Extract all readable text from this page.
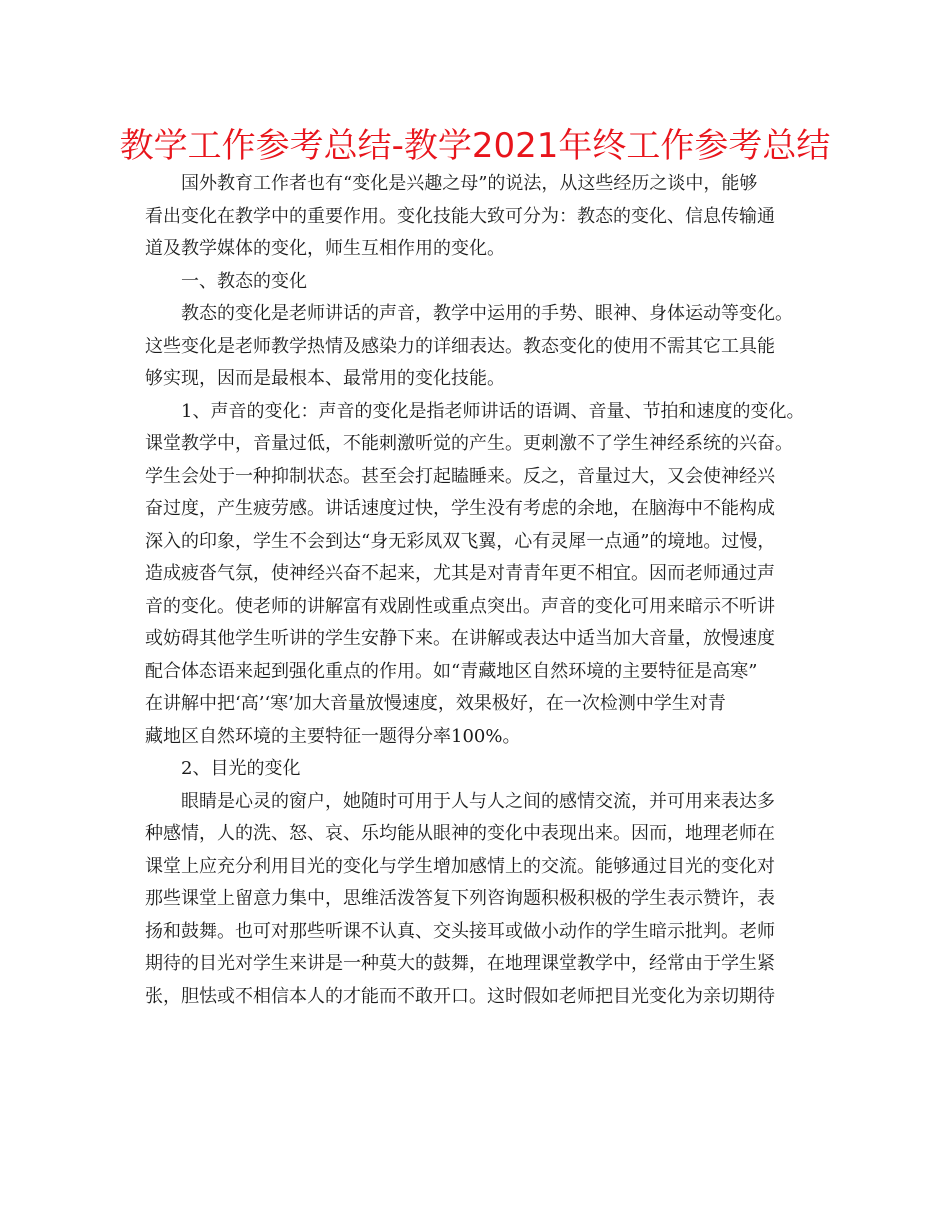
教学工作参考总结-教学2021年终工作参考总结
国外教育工作者也有“变化是兴趣之母”的说法，从这些经历之谈中，能够
看出变化在教学中的重要作用。变化技能大致可分为：教态的变化、信息传输通
道及教学媒体的变化，师生互相作用的变化。
一、教态的变化
教态的变化是老师讲话的声音，教学中运用的手势、眼神、身体运动等变化。
这些变化是老师教学热情及感染力的详细表达。教态变化的使用不需其它工具能
够实现，因而是最根本、最常用的变化技能。
1、声音的变化：声音的变化是指老师讲话的语调、音量、节拍和速度的变化。
课堂教学中，音量过低，不能刺激听觉的产生。更刺激不了学生神经系统的兴奋。
学生会处于一种抑制状态。甚至会打起瞌睡来。反之，音量过大，又会使神经兴
奋过度，产生疲劳感。讲话速度过快，学生没有考虑的余地，在脑海中不能构成
深入的印象，学生不会到达“身无彩凤双飞翼，心有灵犀一点通”的境地。过慢，
造成疲沓气氛，使神经兴奋不起来，尤其是对青青年更不相宜。因而老师通过声
音的变化。使老师的讲解富有戏剧性或重点突出。声音的变化可用来暗示不听讲
或妨碍其他学生听讲的学生安静下来。在讲解或表达中适当加大音量，放慢速度
配合体态语来起到强化重点的作用。如“青藏地区自然环境的主要特征是高寒”
在讲解中把‘高’‘寒’加大音量放慢速度，效果极好，在一次检测中学生对青
藏地区自然环境的主要特征一题得分率100%。
2、目光的变化
眼睛是心灵的窗户，她随时可用于人与人之间的感情交流，并可用来表达多
种感情，人的洗、怒、哀、乐均能从眼神的变化中表现出来。因而，地理老师在
课堂上应充分利用目光的变化与学生增加感情上的交流。能够通过目光的变化对
那些课堂上留意力集中，思维活泼答复下列咨询题积极积极的学生表示赞许，表
扬和鼓舞。也可对那些听课不认真、交头接耳或做小动作的学生暗示批判。老师
期待的目光对学生来讲是一种莫大的鼓舞，在地理课堂教学中，经常由于学生紧
张，胆怯或不相信本人的才能而不敢开口。这时假如老师把目光变化为亲切期待
